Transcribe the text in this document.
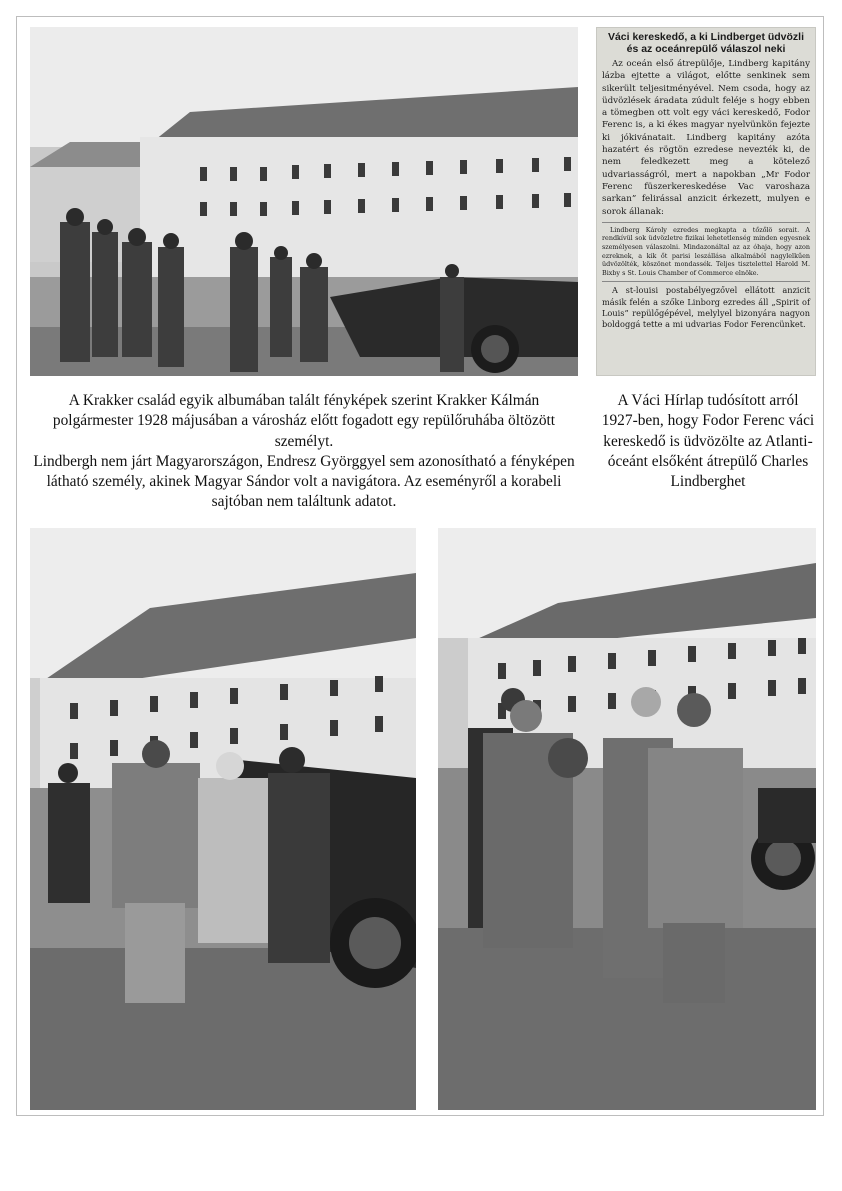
Váci kereskedő, a ki Lindberget üdvözli és az oceánrepülő válaszol neki

Az oceán első átrepülője, Lindberg kapitány lázba ejtette a világot, előtte senkinek sem sikerült teljesitményével. Nem csoda, hogy az üdvözlések áradata zúdult feléje s hogy ebben a tömegben ott volt egy váci kereskedő, Fodor Ferenc is, a ki ékes magyar nyelvünkön fejezte ki jókivánatait. Lindberg kapitány azóta hazatért és rögtön ezredese nevezték ki, de nem feledkezett meg a kötelező udvariasságról, mert a napokban „Mr Fodor Ferenc füszerkereskedése Vac varoshaza sarkan” felirással anzicit érkezett, mulyen e sorok állanak:

Lindberg Károly ezredes megkapta a tőzőlö sorait. A rendkívül sok üdvözletre fizikai lehetetlenség minden egyesnek személyesen válaszolni. Mindazonáltal az az óhaja, hogy azon ezreknek, a kik őt parisi leszállása alkalmából nagylelkűen üdvözölték, köszönet mondassék. Teljes tisztelettel Harold M. Bixby s St. Louis Chamber of Commerce elnöke.

A st-louisi postabélyegzővel ellátott anzicit másik felén a szőke Linborg ezredes áll „Spirit of Louis” repülőgépével, melylyel bizonyára nagyon boldoggá tette a mi udvarias Fodor Ferencünket.

A Krakker család egyik albumában talált fényképek szerint Krakker Kálmán polgármester 1928 májusában a városház előtt fogadott egy repülőruhába öltözött személyt.

Lindbergh nem járt Magyarországon, Endresz Györggyel sem azonosítható a fényképen látható személy, akinek Magyar Sándor volt a navigátora. Az eseményről a korabeli sajtóban nem találtunk adatot.

A Váci Hírlap tudósított arról 1927-ben, hogy Fodor Ferenc váci kereskedő is üdvözölte az Atlanti-óceánt elsőként átrepülő Charles Lindberghet
